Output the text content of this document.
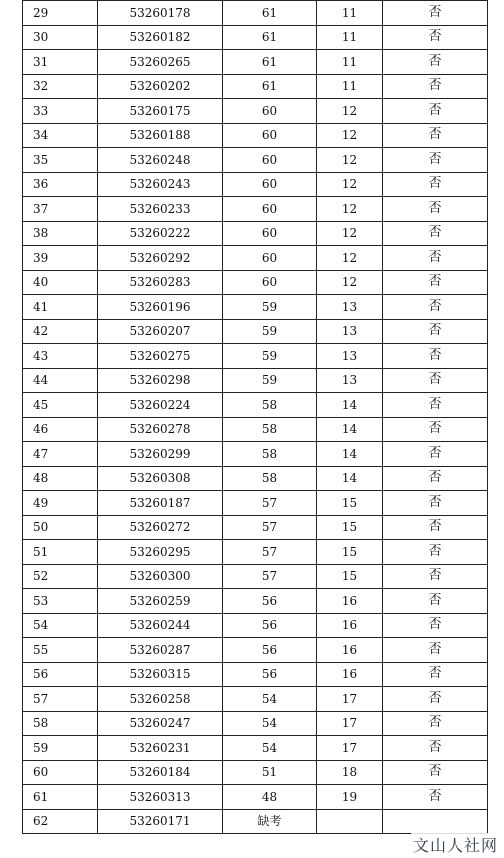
29	53260178	61	11	否
30	53260182	61	11	否
31	53260265	61	11	否
32	53260202	61	11	否
33	53260175	60	12	否
34	53260188	60	12	否
35	53260248	60	12	否
36	53260243	60	12	否
37	53260233	60	12	否
38	53260222	60	12	否
39	53260292	60	12	否
40	53260283	60	12	否
41	53260196	59	13	否
42	53260207	59	13	否
43	53260275	59	13	否
44	53260298	59	13	否
45	53260224	58	14	否
46	53260278	58	14	否
47	53260299	58	14	否
48	53260308	58	14	否
49	53260187	57	15	否
50	53260272	57	15	否
51	53260295	57	15	否
52	53260300	57	15	否
53	53260259	56	16	否
54	53260244	56	16	否
55	53260287	56	16	否
56	53260315	56	16	否
57	53260258	54	17	否
58	53260247	54	17	否
59	53260231	54	17	否
60	53260184	51	18	否
61	53260313	48	19	否
62	53260171	缺考		
文山人社网
